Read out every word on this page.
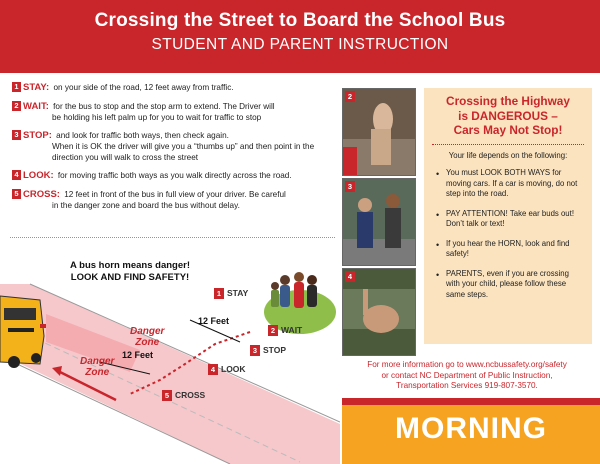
Crossing the Street to Board the School Bus
STUDENT AND PARENT INSTRUCTION
1 STAY: on your side of the road, 12 feet away from traffic.
2 WAIT: for the bus to stop and the stop arm to extend. The Driver will
be holding his left palm up for you to wait for traffic to stop
3 STOP: and look for traffic both ways, then check again.
When it is OK the driver will give you a “thumbs up” and then point in the direction you will walk to cross the street
4 LOOK: for moving traffic both ways as you walk directly across the road.
5 CROSS: 12 feet in front of the bus in full view of your driver. Be careful
in the danger zone and board the bus without delay.
A bus horn means danger!
LOOK AND FIND SAFETY!
1 STAY
2 WAIT
3 STOP
4 LOOK
5 CROSS
12 Feet
12 Feet
Danger
Zone
Danger
Zone
2
3
4
Crossing the Highway
is DANGEROUS –
Cars May Not Stop!
Your life depends on the following:
• You must LOOK BOTH WAYS for moving cars. If a car is moving, do not step into the road.
• PAY ATTENTION! Take ear buds out! Don’t talk or text!
• If you hear the HORN, look and find safety!
• PARENTS, even if you are crossing with your child, please follow these same steps.
For more information go to www.ncbussafety.org/safety
or contact NC Department of Public Instruction,
Transportation Services 919-807-3570.
MORNING
